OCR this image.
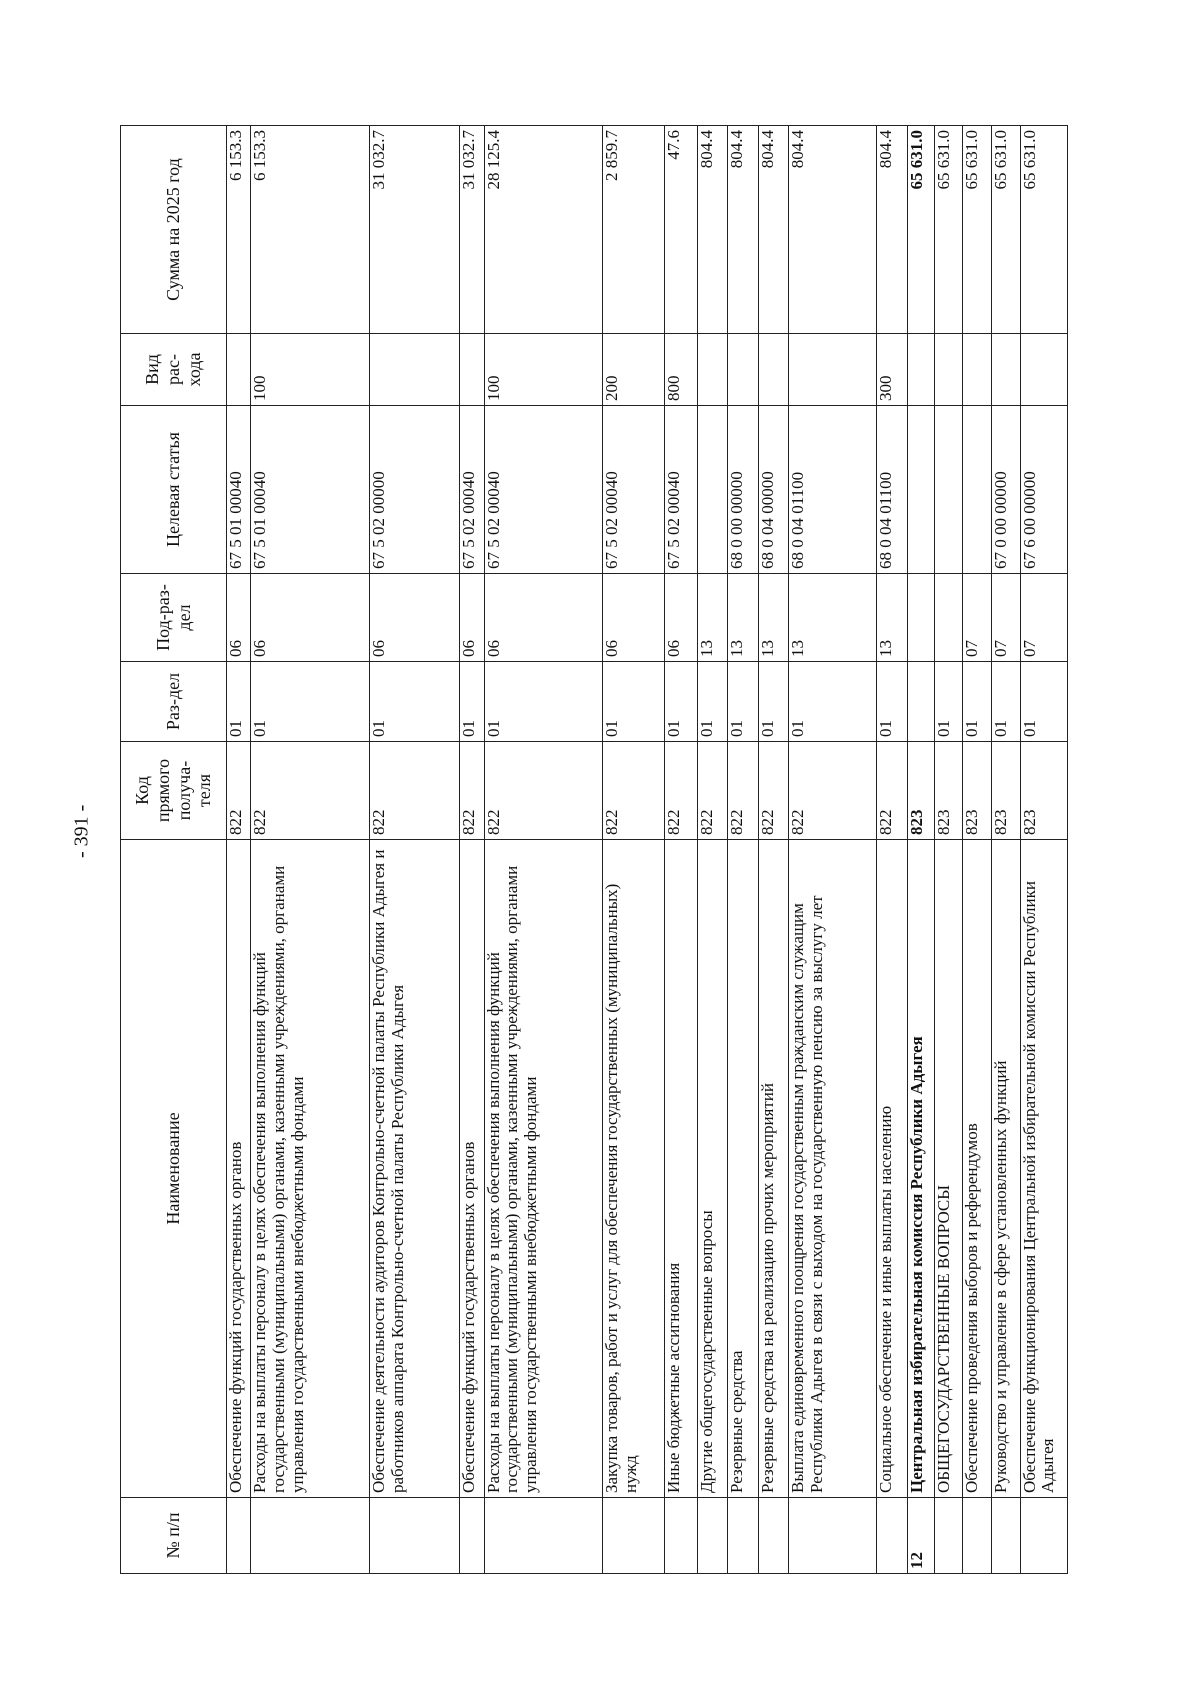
- 391 -
№ п/п	Наименование	Код прямого получа-теля	Раз-дел	Под-раз-дел	Целевая статья	Вид рас-хода	Сумма на 2025 год
	Обеспечение функций государственных органов	822	01	06	67 5 01 00040		6 153.3
	Расходы на выплаты персоналу в целях обеспечения выполнения функций государственными (муниципальными) органами, казенными учреждениями, органами управления государственными внебюджетными фондами	822	01	06	67 5 01 00040	100	6 153.3
	Обеспечение деятельности аудиторов Контрольно-счетной палаты Республики Адыгея и работников аппарата Контрольно-счетной палаты Республики Адыгея	822	01	06	67 5 02 00000		31 032.7
	Обеспечение функций государственных органов	822	01	06	67 5 02 00040		31 032.7
	Расходы на выплаты персоналу в целях обеспечения выполнения функций государственными (муниципальными) органами, казенными учреждениями, органами управления государственными внебюджетными фондами	822	01	06	67 5 02 00040	100	28 125.4
	Закупка товаров, работ и услуг для обеспечения государственных (муниципальных) нужд	822	01	06	67 5 02 00040	200	2 859.7
	Иные бюджетные ассигнования	822	01	06	67 5 02 00040	800	47.6
	Другие общегосударственные вопросы	822	01	13			804.4
	Резервные средства	822	01	13	68 0 00 00000		804.4
	Резервные средства на реализацию прочих мероприятий	822	01	13	68 0 04 00000		804.4
	Выплата единовременного поощрения государственным гражданским служащим Республики Адыгея в связи с выходом на государственную пенсию за выслугу лет	822	01	13	68 0 04 01100		804.4
	Социальное обеспечение и иные выплаты населению	822	01	13	68 0 04 01100	300	804.4
12	Центральная избирательная комиссия Республики Адыгея	823					65 631.0
	ОБЩЕГОСУДАРСТВЕННЫЕ ВОПРОСЫ	823	01				65 631.0
	Обеспечение проведения выборов и референдумов	823	01	07			65 631.0
	Руководство и управление в сфере установленных функций	823	01	07	67 0 00 00000		65 631.0
	Обеспечение функционирования Центральной избирательной комиссии Республики Адыгея	823	01	07	67 6 00 00000		65 631.0
